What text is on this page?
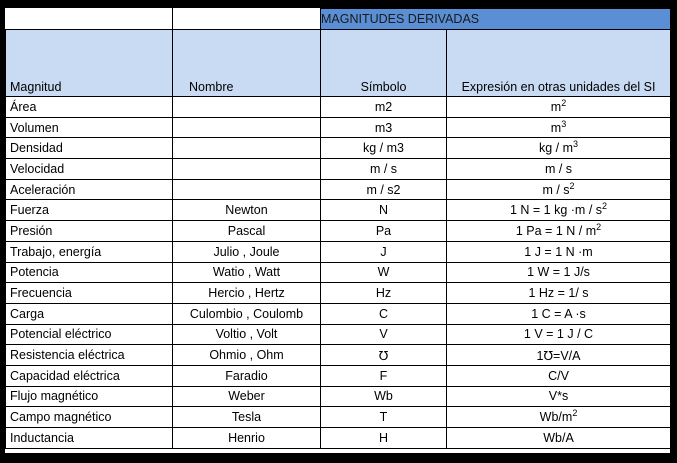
		MAGNITUDES DERIVADAS	
Magnitud	Nombre	Símbolo	Expresión en otras unidades del SI
Área		m2	$m^2$
Volumen		m3	$m^3$
Densidad		kg / m3	kg / $m^3$
Velocidad		m / s	m / s
Aceleración		m / s2	m / $s^2$
Fuerza	Newton	N	1 N = 1 kg $\cdot m / s^2$
Presión	Pascal	Pa	1 Pa = 1 N / $m^2$
Trabajo, energía	Julio , Joule	J	1 J = 1 N ·m
Potencia	Watio , Watt	W	1 W = 1 J/s
Frecuencia	Hercio , Hertz	Hz	1 Hz = 1/ s
Carga	Culombio , Coulomb	C	1 C = A ·s
Potencial eléctrico	Voltio , Volt	V	1 V = 1 J / C
Resistencia eléctrica	Ohmio , Ohm	℧	1℧=V/A
Capacidad eléctrica	Faradio	F	C/V
Flujo magnético	Weber	Wb	V*s
Campo magnético	Tesla	T	$Wb/m^2$
Inductancia	Henrio	H	Wb/A
